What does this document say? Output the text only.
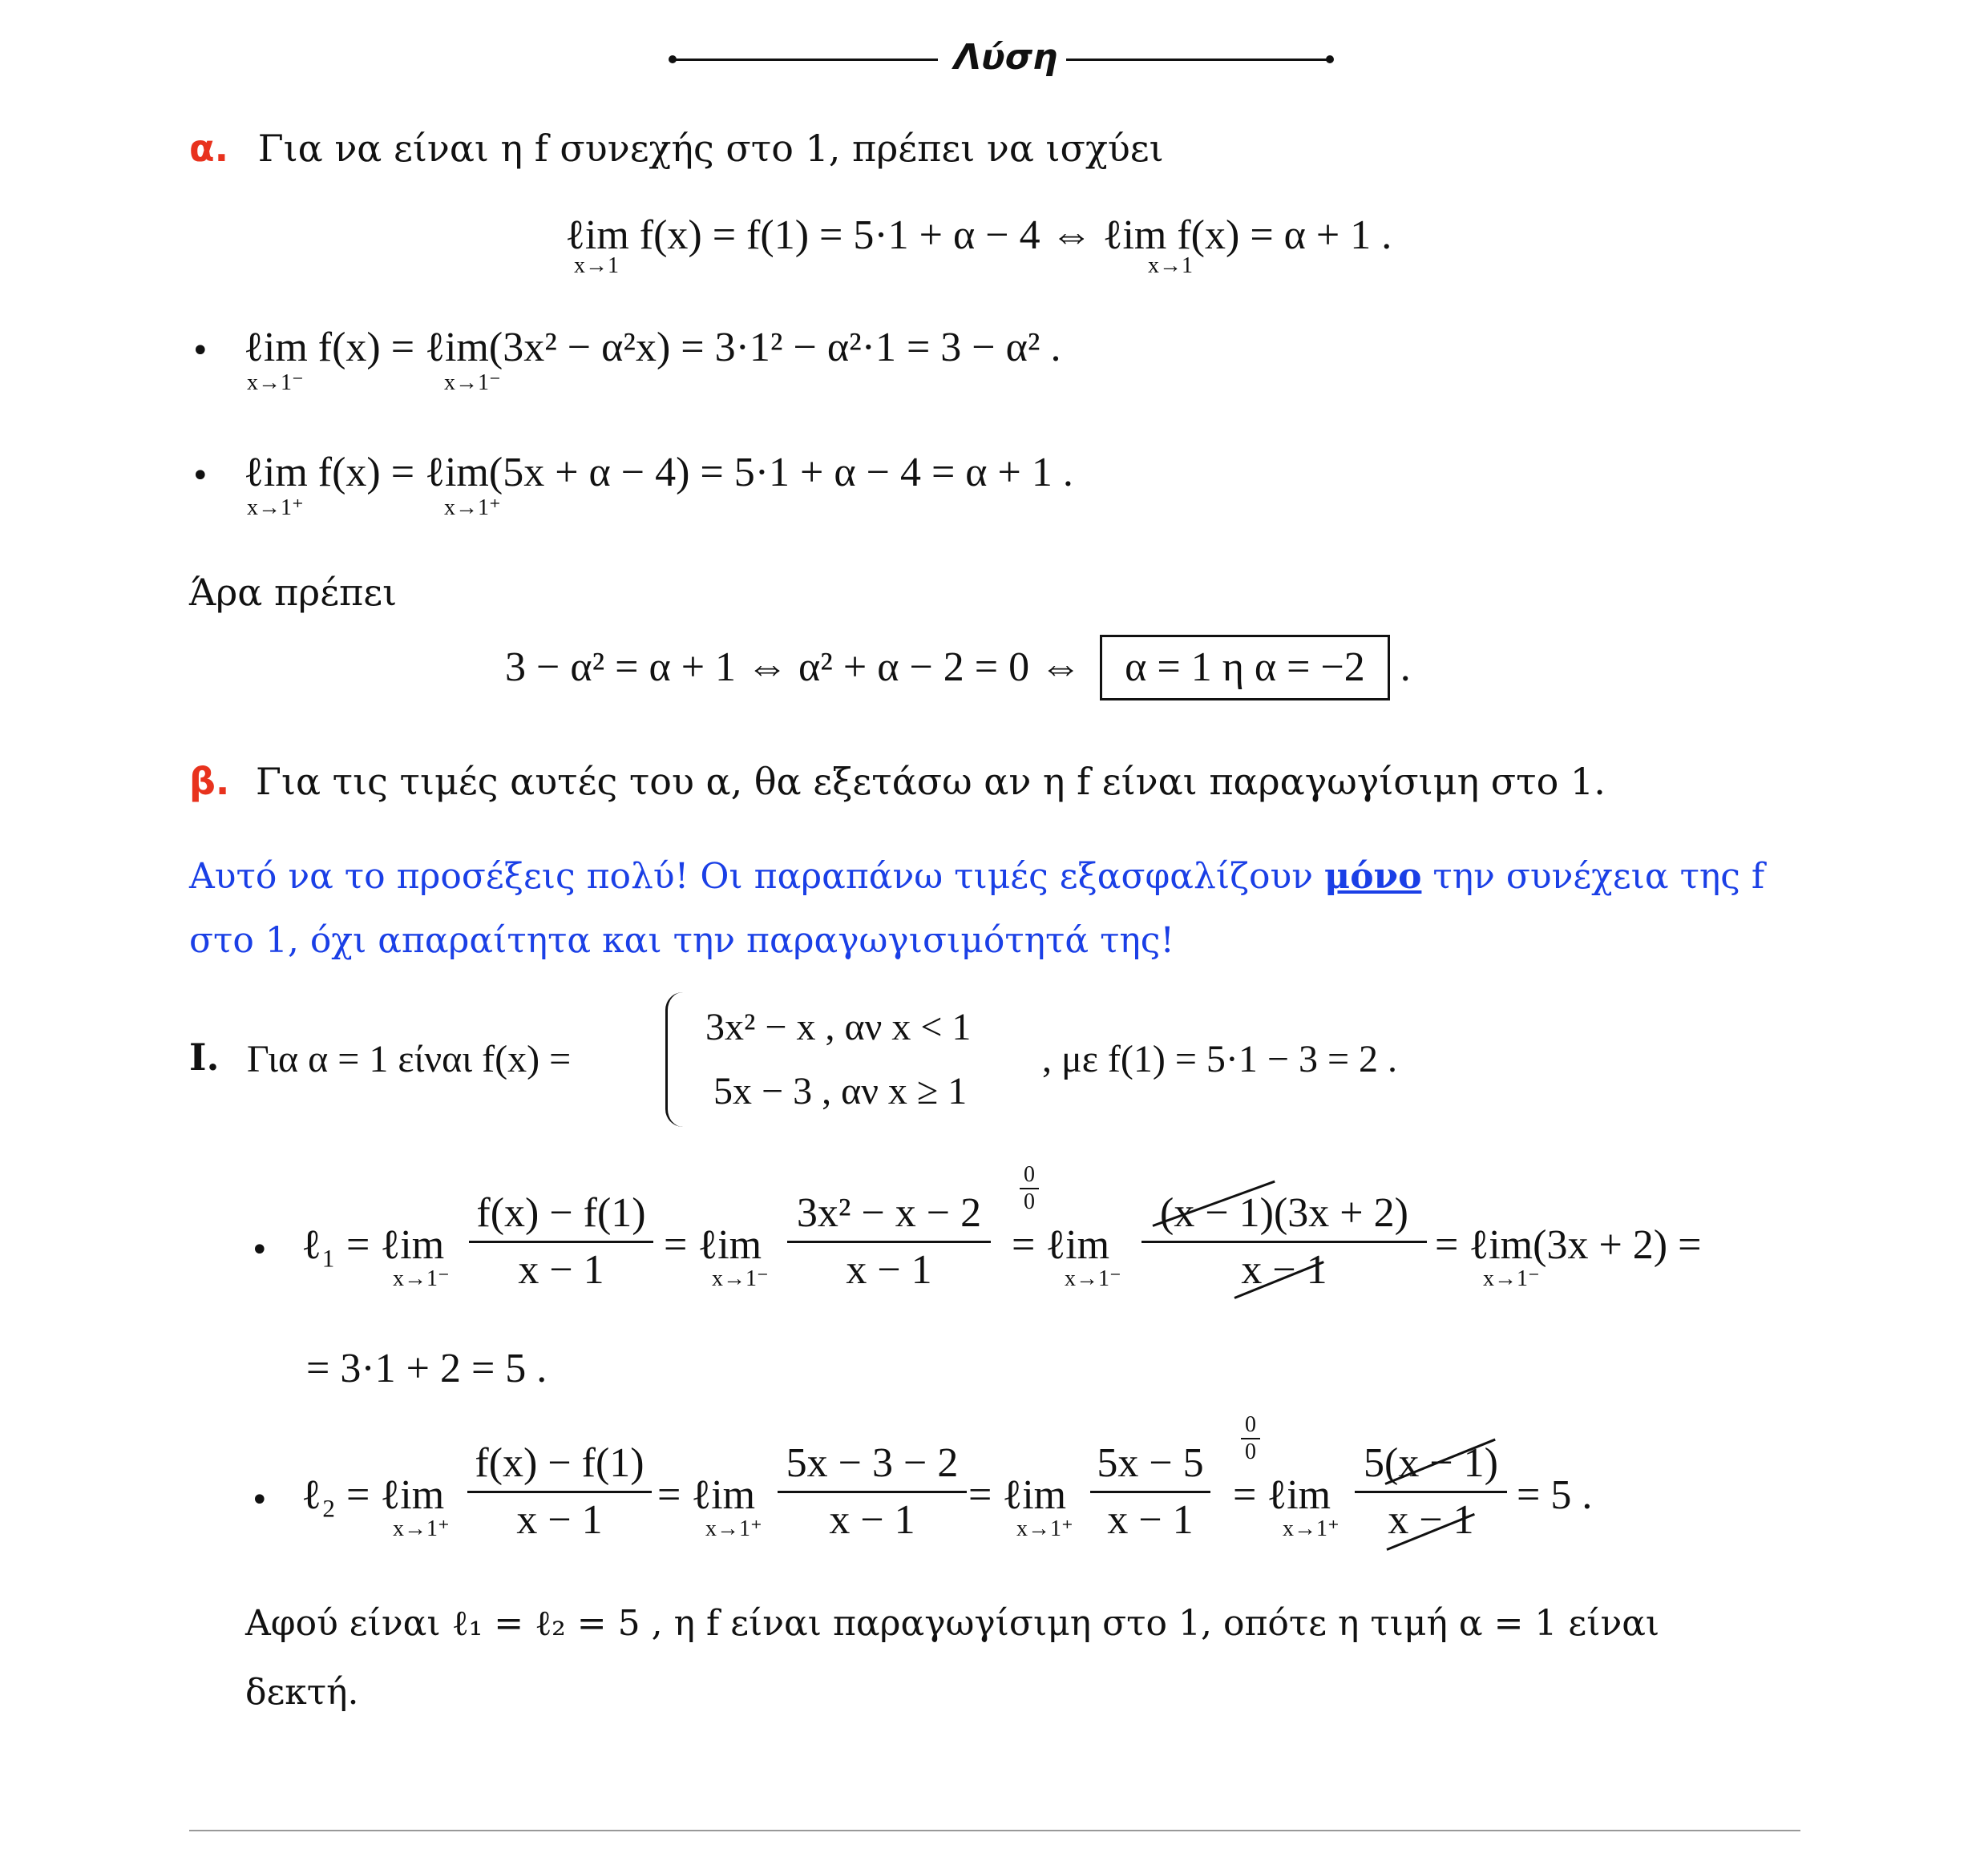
Λύση
α. Για να είναι η f συνεχής στο 1, πρέπει να ισχύει
ℓim f(x) = f(1) = 5·1 + α − 4 ⇔ ℓim f(x) = α + 1 .
x→1	x→1
• ℓim f(x) = ℓim(3x² − α²x) = 3·1² − α²·1 = 3 − α² .
x→1⁻	x→1⁻
• ℓim f(x) = ℓim(5x + α − 4) = 5·1 + α − 4 = α + 1 .
x→1⁺	x→1⁺
Άρα πρέπει
3 − α² = α + 1 ⇔ α² + α − 2 = 0 ⇔ α = 1 η α = −2 .
β. Για τις τιμές αυτές του α, θα εξετάσω αν η f είναι παραγωγίσιμη στο 1.
Αυτό να το προσέξεις πολύ! Οι παραπάνω τιμές εξασφαλίζουν μόνο την συνέχεια της f
στο 1, όχι απαραίτητα και την παραγωγισιμότητά της!
I. Για α = 1 είναι f(x) =
3x² − x , αν x < 1
5x − 3 , αν x ≥ 1
, με f(1) = 5·1 − 3 = 2 .
• ℓ₁ = ℓim
x→1⁻
f(x) − f(1)
x − 1
= ℓim
x→1⁻
3x² − x − 2
x − 1
0
0
= ℓim
x→1⁻
(x − 1)(3x + 2)
x − 1
= ℓim(3x + 2) =
x→1⁻
= 3·1 + 2 = 5 .
• ℓ₂ = ℓim
x→1⁺
f(x) − f(1)
x − 1
= ℓim
x→1⁺
5x − 3 − 2
x − 1
= ℓim
x→1⁺
5x − 5
x − 1
0
0
= ℓim
x→1⁺
5(x − 1)
x − 1
= 5 .
Αφού είναι ℓ₁ = ℓ₂ = 5 , η f είναι παραγωγίσιμη στο 1, οπότε η τιμή α = 1 είναι
δεκτή.
